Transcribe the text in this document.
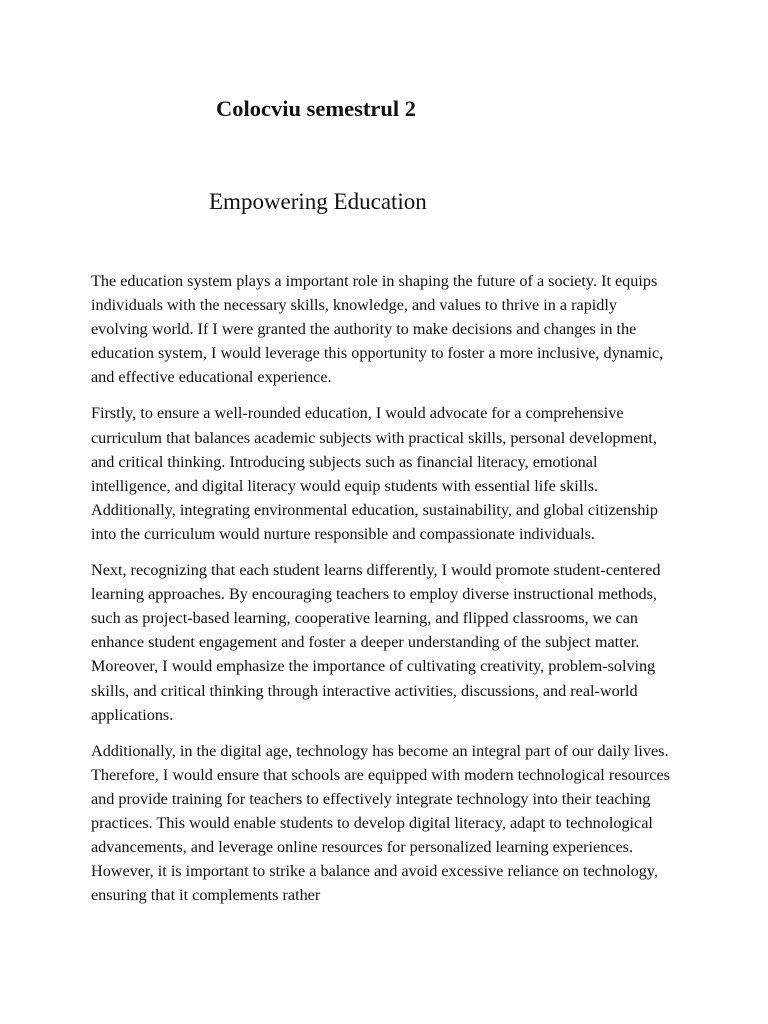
Colocviu semestrul 2
Empowering Education

The education system plays a important role in shaping the future of a society. It equips individuals with the necessary skills, knowledge, and values to thrive in a rapidly evolving world. If I were granted the authority to make decisions and changes in the education system, I would leverage this opportunity to foster a more inclusive, dynamic, and effective educational experience.

Firstly, to ensure a well-rounded education, I would advocate for a comprehensive curriculum that balances academic subjects with practical skills, personal development, and critical thinking. Introducing subjects such as financial literacy, emotional intelligence, and digital literacy would equip students with essential life skills. Additionally, integrating environmental education, sustainability, and global citizenship into the curriculum would nurture responsible and compassionate individuals.

Next, recognizing that each student learns differently, I would promote student-centered learning approaches. By encouraging teachers to employ diverse instructional methods, such as project-based learning, cooperative learning, and flipped classrooms, we can enhance student engagement and foster a deeper understanding of the subject matter. Moreover, I would emphasize the importance of cultivating creativity, problem-solving skills, and critical thinking through interactive activities, discussions, and real-world applications.

Additionally, in the digital age, technology has become an integral part of our daily lives. Therefore, I would ensure that schools are equipped with modern technological resources and provide training for teachers to effectively integrate technology into their teaching practices. This would enable students to develop digital literacy, adapt to technological advancements, and leverage online resources for personalized learning experiences. However, it is important to strike a balance and avoid excessive reliance on technology, ensuring that it complements rather
